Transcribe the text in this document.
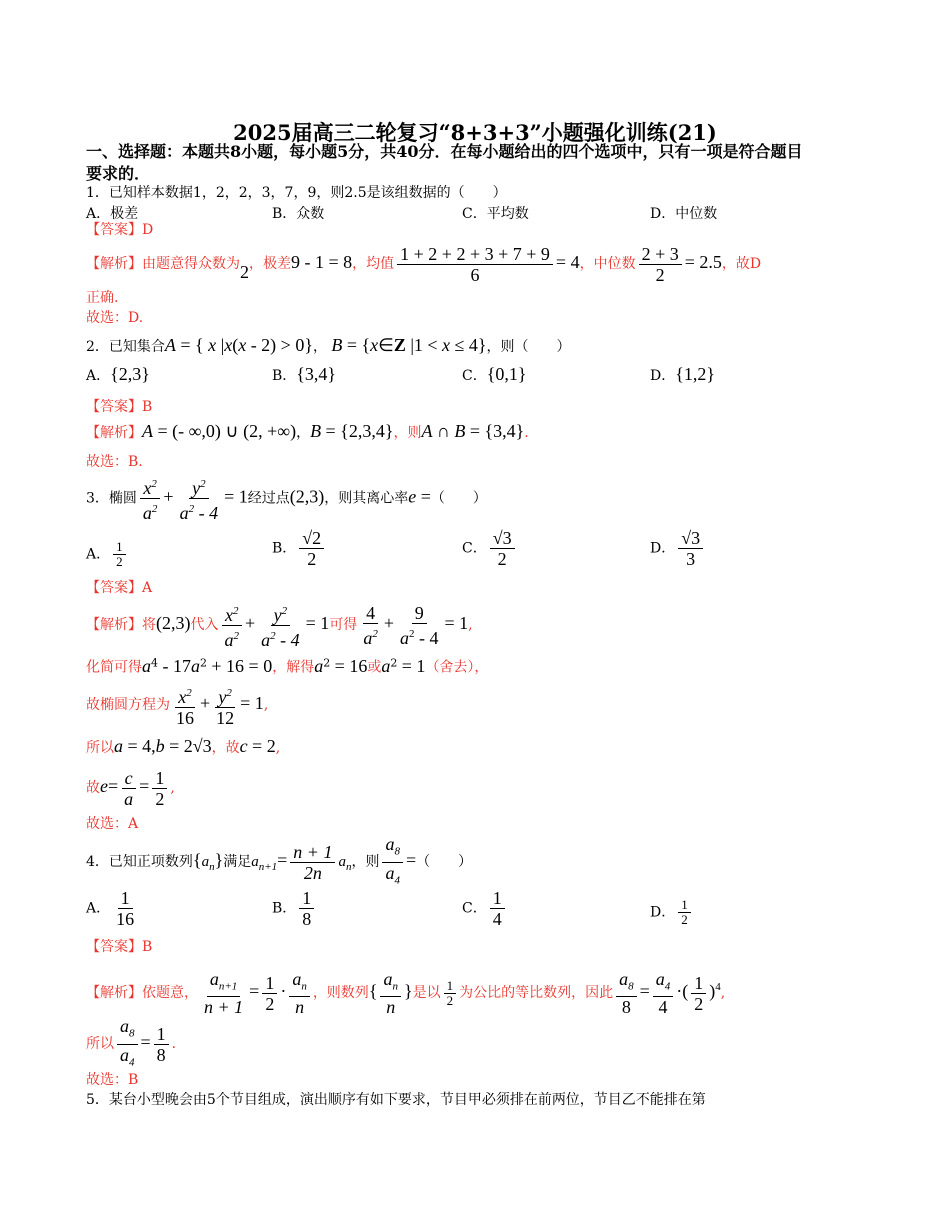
2025届高三二轮复习“8+3+3”小题强化训练(21)
一、选择题：本题共8小题，每小题5分，共40分．在每小题给出的四个选项中，只有一项是符合题目要求的．
1．已知样本数据1，2，2，3，7，9，则2.5是该组数据的（　　）
A．极差	B．众数	C．平均数	D．中位数
【答案】D
【解析】由题意得众数为2，极差9 - 1 = 8，均值 $\frac{1 + 2 + 2 + 3 + 7 + 9}{6} = 4$，中位数 $\frac{2 + 3}{2} = 2.5$，故D
正确.
故选：D.
2．已知集合A = { x |x(x - 2) > 0}， B = {x∈Z |1 < x ≤ 4}，则（　　）
A．{2,3}	B．{3,4}	C．{0,1}	D．{1,2}
【答案】B
【解析】A = (- ∞,0) ∪ (2, +∞)，B = {2,3,4}，则A ∩ B = {3,4}.
故选：B.
3．椭圆 $\frac{x^2}{a^2} + \frac{y^2}{a^2 - 4} = 1$经过点(2,3)，则其离心率e =（　　）
A． $\frac{1}{2}$	B． $\frac{√2}{2}$	C． $\frac{√3}{2}$	D． $\frac{√3}{3}$
【答案】A
【解析】将(2,3)代入 $\frac{x^2}{a^2} + \frac{y^2}{a^2 - 4} = 1$可得 $\frac{4}{a^2} + \frac{9}{a^2 - 4} = 1$,
化简可得$a^4 - 17a^2 + 16 = 0$，解得$a^2 = 16$或$a^2 = 1$（舍去），
故椭圆方程为 $\frac{x^2}{16} + \frac{y^2}{12} = 1$,
所以a = 4,b = 2√3，故c = 2,
故$e= \frac{c}{a} = \frac{1}{2}$ ,
故选：A
4．已知正项数列$\{a_n\}$满足$a_{n+1}= \frac{n + 1}{2n} a_n$，则 $\frac{a_8}{a_4}$ =（　　）
A． $\frac{1}{16}$	B． $\frac{1}{8}$	C． $\frac{1}{4}$	D． $\frac{1}{2}$
【答案】B
【解析】依题意， $\frac{a_{n+1}}{n + 1} = \frac{1}{2} \cdot \frac{a_n}{n}$ ，则数列{ $\frac{a_n}{n}$ }是以 $\frac{1}{2}$ 为公比的等比数列，因此 $\frac{a_8}{8} = \frac{a_4}{4}$ ·( $\frac{1}{2} )^4$,
所以 $\frac{a_8}{a_4} = \frac{1}{8}$ .
故选：B
5．某台小型晚会由5个节目组成，演出顺序有如下要求，节目甲必须排在前两位，节目乙不能排在第
